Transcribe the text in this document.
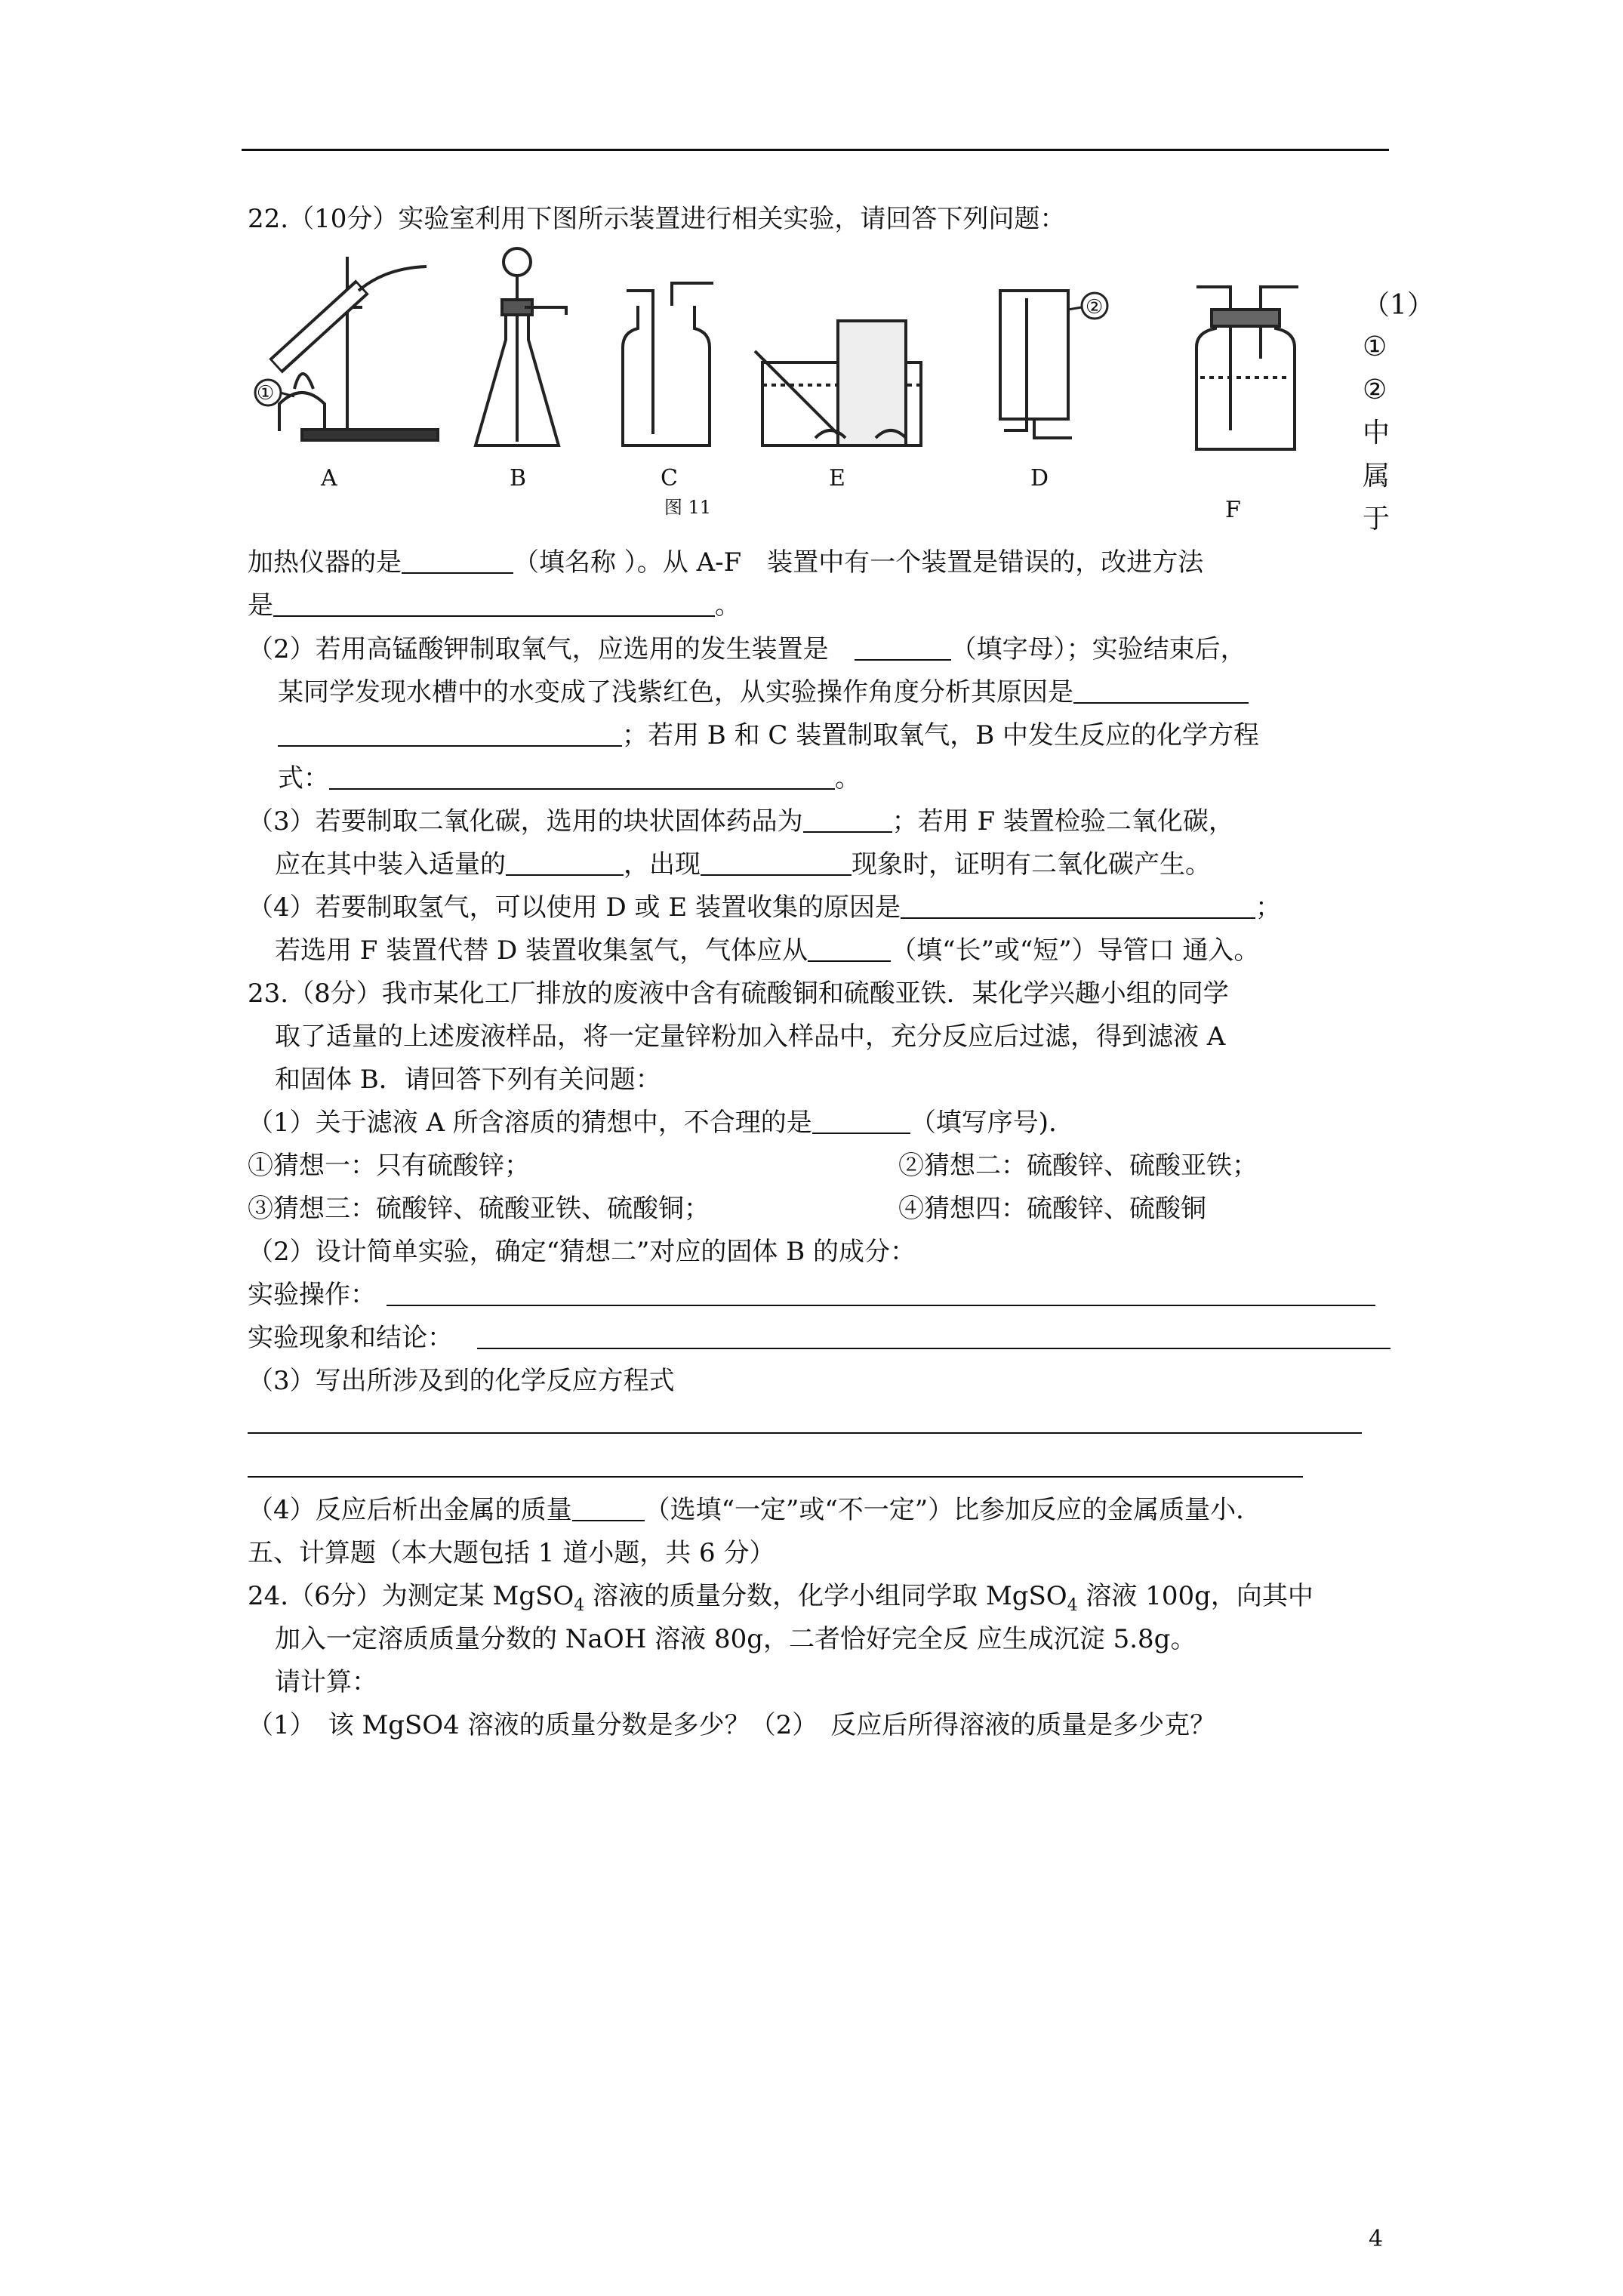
22.（10分）实验室利用下图所示装置进行相关实验，请回答下列问题：
①
②
A	B	C	E	D
F
图 11
（1）
①
②
中
属
于
加热仪器的是	（填名称 ）。从 A-F　装置中有一个装置是错误的，改进方法
是	。
（2）若用高锰酸钾制取氧气，应选用的发生装置是　	（填字母）；实验结束后，
某同学发现水槽中的水变成了浅紫红色，从实验操作角度分析其原因是
；若用 B 和 C 装置制取氧气，B 中发生反应的化学方程
式：	。
（3）若要制取二氧化碳，选用的块状固体药品为	；若用 F 装置检验二氧化碳，
应在其中装入适量的	，出现	现象时，证明有二氧化碳产生。
（4）若要制取氢气，可以使用 D 或 E 装置收集的原因是	；
若选用 F 装置代替 D 装置收集氢气，气体应从	（填“长”或“短”）导管口 通入。
23.（8分）我市某化工厂排放的废液中含有硫酸铜和硫酸亚铁．某化学兴趣小组的同学
取了适量的上述废液样品，将一定量锌粉加入样品中，充分反应后过滤，得到滤液 A
和固体 B．请回答下列有关问题：
（1）关于滤液 A 所含溶质的猜想中，不合理的是	（填写序号)．
①猜想一：只有硫酸锌；	②猜想二：硫酸锌、硫酸亚铁；
③猜想三：硫酸锌、硫酸亚铁、硫酸铜；	④猜想四：硫酸锌、硫酸铜
（2）设计简单实验，确定“猜想二”对应的固体 B 的成分：
实验操作：
实验现象和结论：
（3）写出所涉及到的化学反应方程式
（4）反应后析出金属的质量	（选填“一定”或“不一定”）比参加反应的金属质量小．
五、计算题（本大题包括 1 道小题，共 6 分）
24.（6分）为测定某 MgSO$_4$ 溶液的质量分数，化学小组同学取 MgSO$_4$ 溶液 100g，向其中
加入一定溶质质量分数的 NaOH 溶液 80g，二者恰好完全反 应生成沉淀 5.8g。
请计算：
（1）　该 MgSO4 溶液的质量分数是多少？（2）　反应后所得溶液的质量是多少克？
4
